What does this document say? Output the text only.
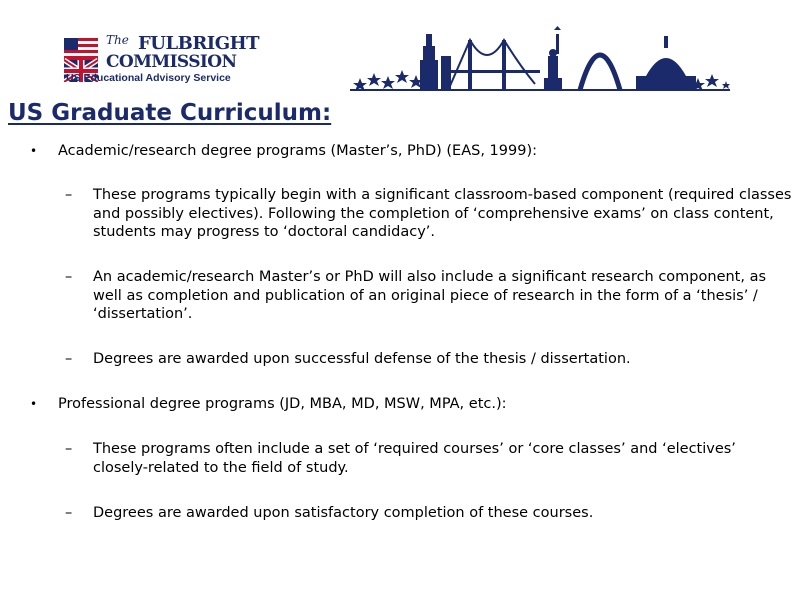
The FULBRIGHT
COMMISSION
US Educational Advisory Service
US Graduate Curriculum:
• Academic/research degree programs (Master’s, PhD) (EAS, 1999):
– These programs typically begin with a significant classroom-based component (required classes and possibly electives). Following the completion of ‘comprehensive exams’ on class content, students may progress to ‘doctoral candidacy’.
– An academic/research Master’s or PhD will also include a significant research component, as well as completion and publication of an original piece of research in the form of a ‘thesis’ / ‘dissertation’.
– Degrees are awarded upon successful defense of the thesis / dissertation.
• Professional degree programs (JD, MBA, MD, MSW, MPA, etc.):
– These programs often include a set of ‘required courses’ or ‘core classes’ and ‘electives’ closely-related to the field of study.
– Degrees are awarded upon satisfactory completion of these courses.
